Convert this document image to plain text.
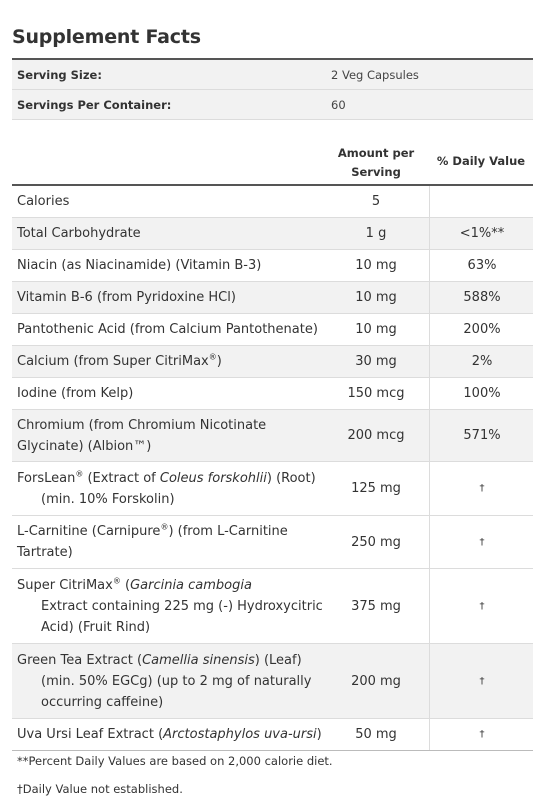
Supplement Facts
Serving Size:	2 Veg Capsules
Servings Per Container:	60
Amount per
Serving
% Daily Value
Calories	5
Total Carbohydrate	1 g	<1%**
Niacin (as Niacinamide) (Vitamin B-3)	10 mg	63%
Vitamin B-6 (from Pyridoxine HCl)	10 mg	588%
Pantothenic Acid (from Calcium Pantothenate)	10 mg	200%
Calcium (from Super CitriMax®)	30 mg	2%
Iodine (from Kelp)	150 mcg	100%
Chromium (from Chromium Nicotinate
Glycinate) (Albion™)
200 mcg	571%
ForsLean® (Extract of Coleus forskohlii) (Root)
(min. 10% Forskolin)
125 mg	†
L-Carnitine (Carnipure®) (from L-Carnitine
Tartrate)
250 mg	†
Super CitriMax® (Garcinia cambogia
Extract containing 225 mg (-) Hydroxycitric
Acid) (Fruit Rind)
375 mg	†
Green Tea Extract (Camellia sinensis) (Leaf)
(min. 50% EGCg) (up to 2 mg of naturally
occurring caffeine)
200 mg	†
Uva Ursi Leaf Extract (Arctostaphylos uva-ursi)	50 mg	†
**Percent Daily Values are based on 2,000 calorie diet.
†Daily Value not established.
